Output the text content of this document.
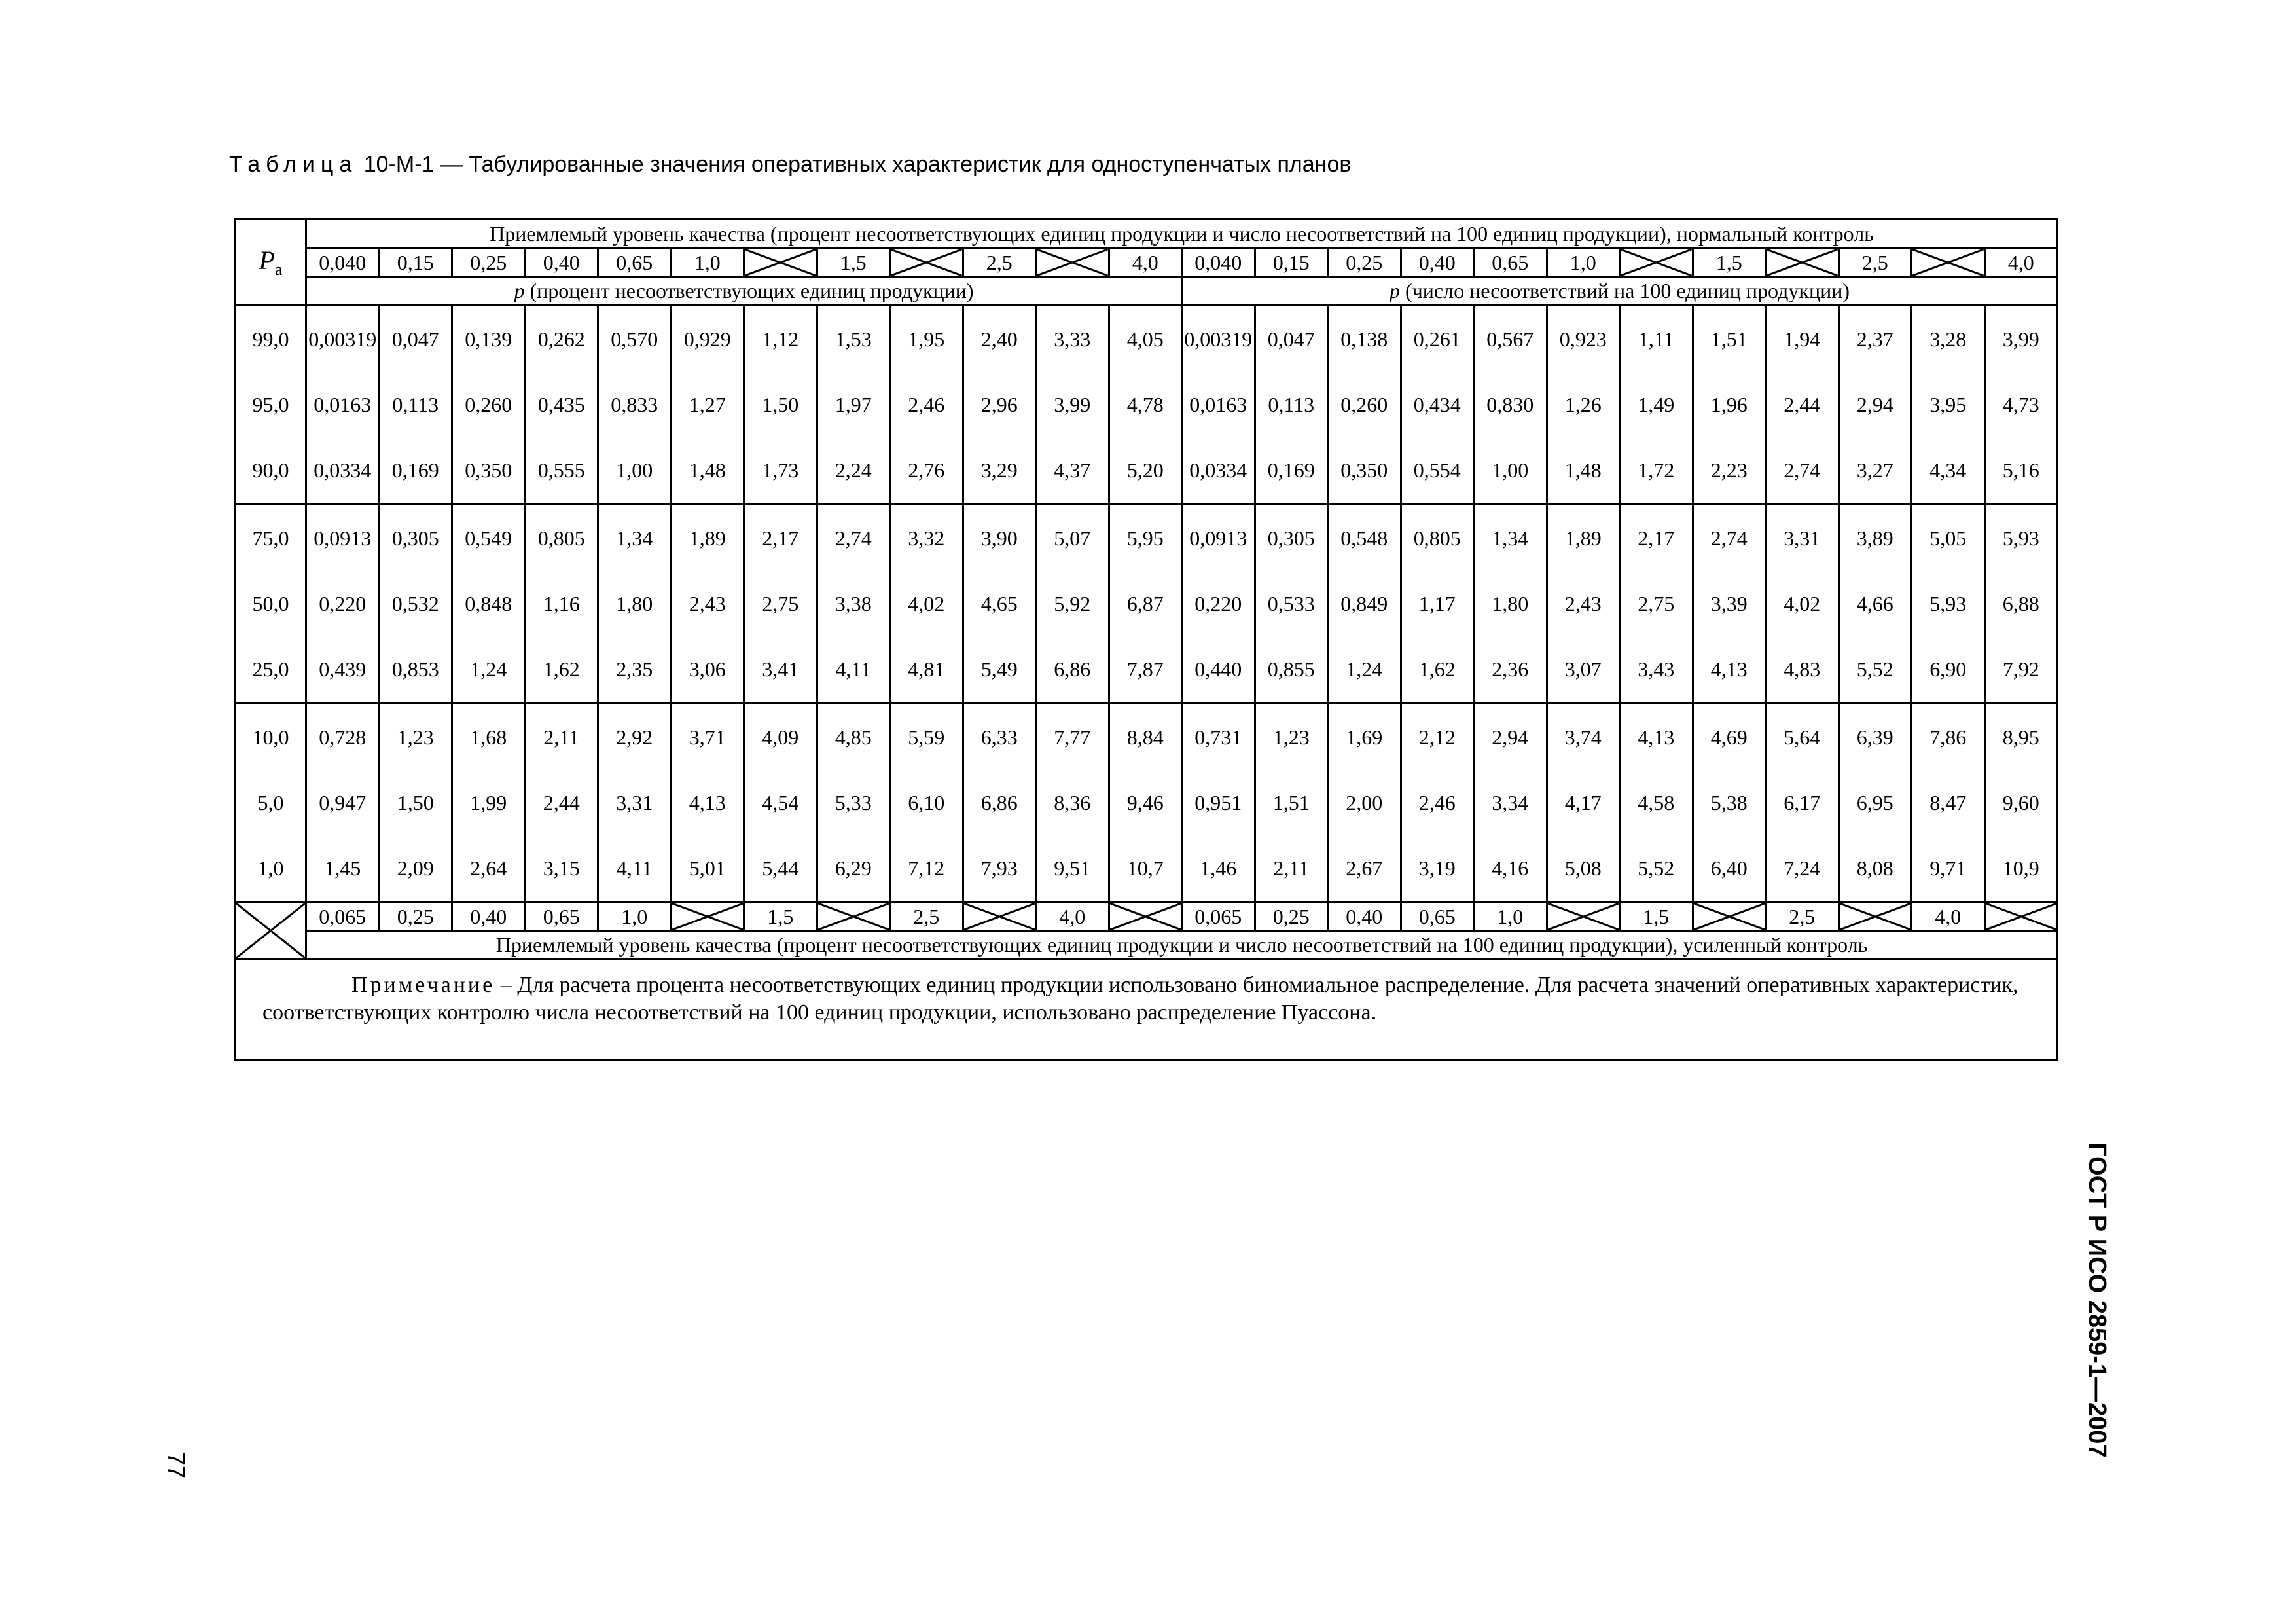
Таблица 10-М-1 — Табулированные значения оперативных характеристик для одноступенчатых планов
$P_a$	Приемлемый уровень качества (процент несоответствующих единиц продукции и число несоответствий на 100 единиц продукции), нормальный контроль																							
	0,040	0,15	0,25	0,40	0,65	1,0		1,5		2,5		4,0	0,040	0,15	0,25	0,40	0,65	1,0		1,5		2,5		4,0
	p (процент несоответствующих единиц продукции)												p (число несоответствий на 100 единиц продукции)											
99,0	0,00319	0,047	0,139	0,262	0,570	0,929	1,12	1,53	1,95	2,40	3,33	4,05	0,00319	0,047	0,138	0,261	0,567	0,923	1,11	1,51	1,94	2,37	3,28	3,99
95,0	0,0163	0,113	0,260	0,435	0,833	1,27	1,50	1,97	2,46	2,96	3,99	4,78	0,0163	0,113	0,260	0,434	0,830	1,26	1,49	1,96	2,44	2,94	3,95	4,73
90,0	0,0334	0,169	0,350	0,555	1,00	1,48	1,73	2,24	2,76	3,29	4,37	5,20	0,0334	0,169	0,350	0,554	1,00	1,48	1,72	2,23	2,74	3,27	4,34	5,16
75,0	0,0913	0,305	0,549	0,805	1,34	1,89	2,17	2,74	3,32	3,90	5,07	5,95	0,0913	0,305	0,548	0,805	1,34	1,89	2,17	2,74	3,31	3,89	5,05	5,93
50,0	0,220	0,532	0,848	1,16	1,80	2,43	2,75	3,38	4,02	4,65	5,92	6,87	0,220	0,533	0,849	1,17	1,80	2,43	2,75	3,39	4,02	4,66	5,93	6,88
25,0	0,439	0,853	1,24	1,62	2,35	3,06	3,41	4,11	4,81	5,49	6,86	7,87	0,440	0,855	1,24	1,62	2,36	3,07	3,43	4,13	4,83	5,52	6,90	7,92
10,0	0,728	1,23	1,68	2,11	2,92	3,71	4,09	4,85	5,59	6,33	7,77	8,84	0,731	1,23	1,69	2,12	2,94	3,74	4,13	4,69	5,64	6,39	7,86	8,95
5,0	0,947	1,50	1,99	2,44	3,31	4,13	4,54	5,33	6,10	6,86	8,36	9,46	0,951	1,51	2,00	2,46	3,34	4,17	4,58	5,38	6,17	6,95	8,47	9,60
1,0	1,45	2,09	2,64	3,15	4,11	5,01	5,44	6,29	7,12	7,93	9,51	10,7	1,46	2,11	2,67	3,19	4,16	5,08	5,52	6,40	7,24	8,08	9,71	10,9

	0,065	0,25	0,40	0,65	1,0		1,5		2,5		4,0		0,065	0,25	0,40	0,65	1,0		1,5		2,5		4,0	

	Приемлемый уровень качества (процент несоответствующих единиц продукции и число несоответствий на 100 единиц продукции), усиленный контроль																							
Примечание – Для расчета процента несоответствующих единиц продукции использовано биномиальное распределение. Для расчета значений оперативных характеристик, соответствующих контролю числа несоответствий на 100 единиц продукции, использовано распределение Пуассона.																								
ГОСТ Р ИСО 2859-1—2007
77
